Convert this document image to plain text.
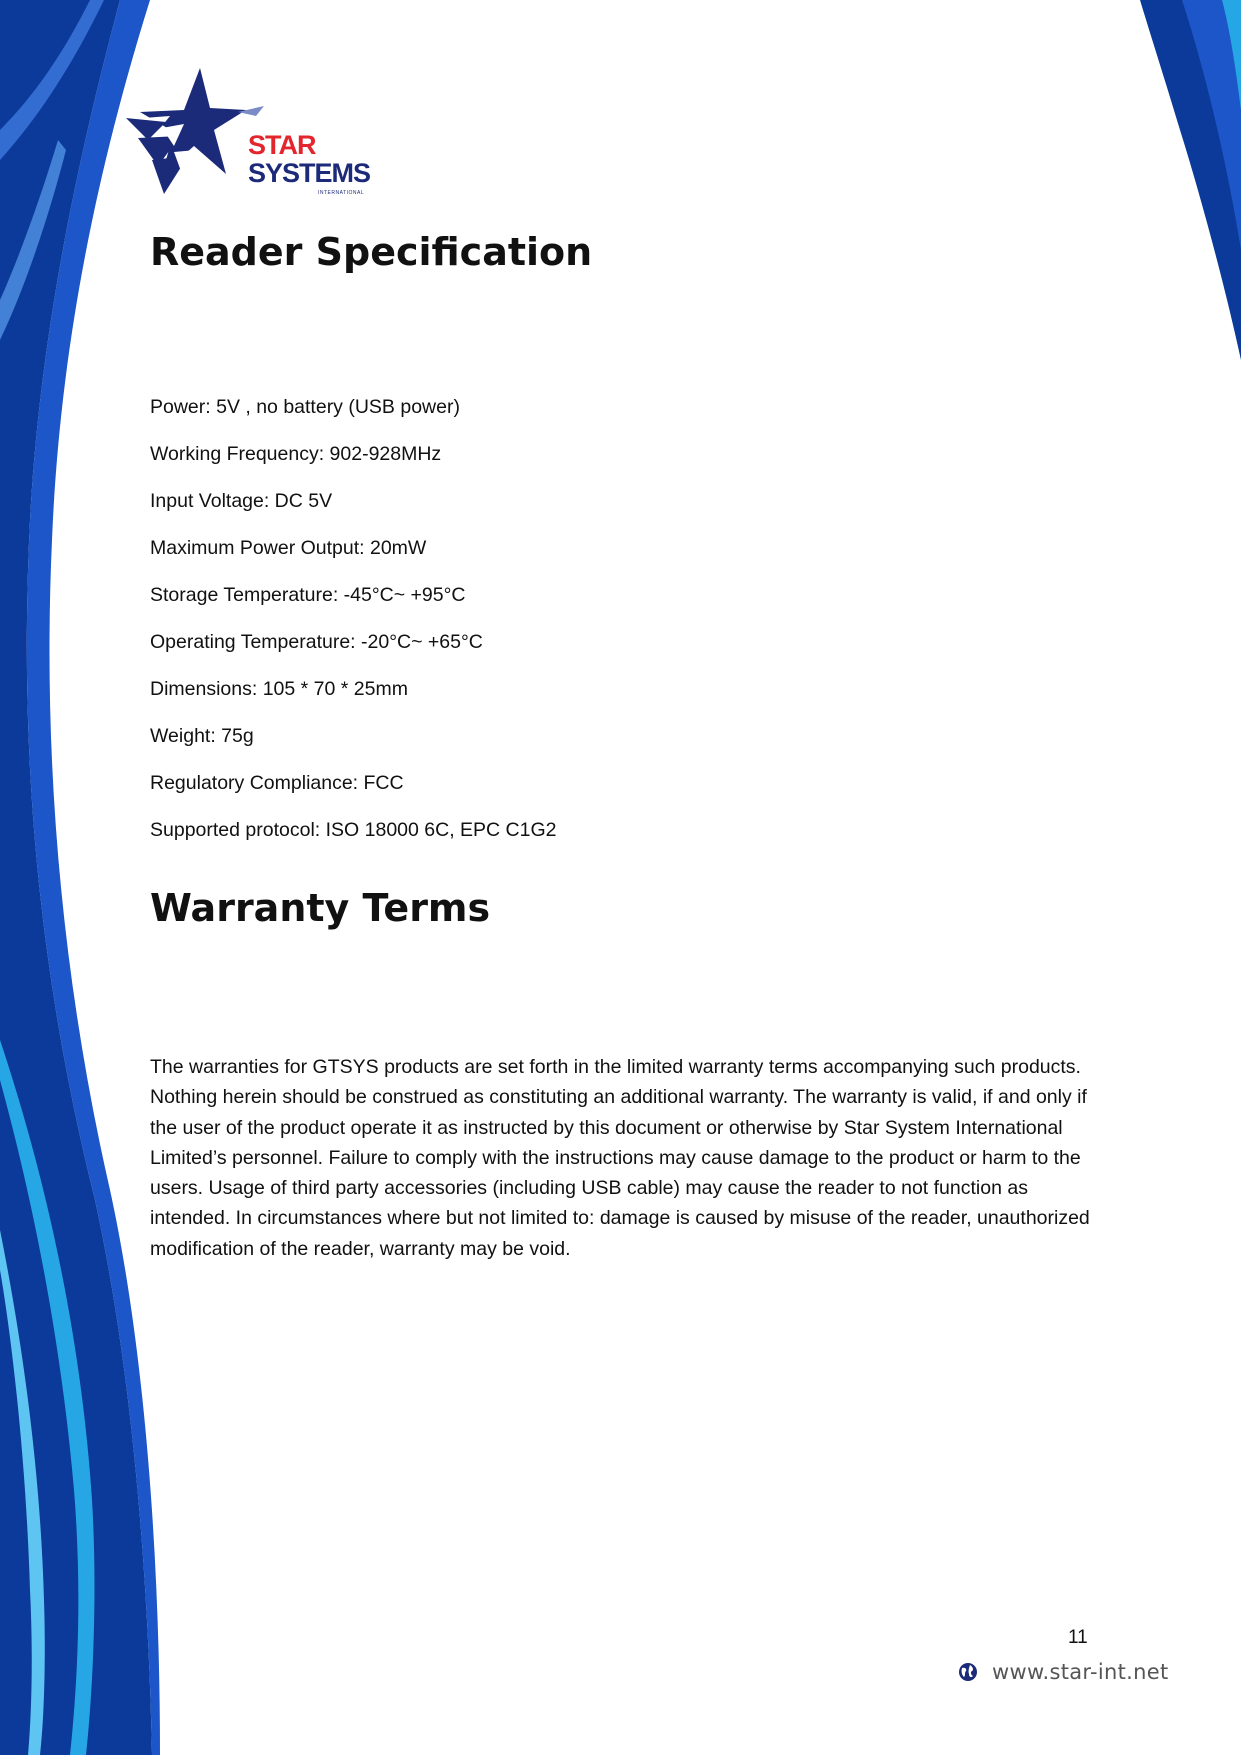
STAR
SYSTEMS
INTERNATIONAL
Reader Specification
Power: 5V , no battery (USB power)
Working Frequency: 902-928MHz
Input Voltage: DC 5V
Maximum Power Output: 20mW
Storage Temperature: -45°C~ +95°C
Operating Temperature: -20°C~ +65°C
Dimensions: 105 * 70 * 25mm
Weight: 75g
Regulatory Compliance: FCC
Supported protocol: ISO 18000 6C, EPC C1G2
Warranty Terms

The warranties for GTSYS products are set forth in the limited warranty terms accompanying such products. Nothing herein should be construed as constituting an additional warranty. The warranty is valid, if and only if the user of the product operate it as instructed by this document or otherwise by Star System International Limited’s personnel. Failure to comply with the instructions may cause damage to the product or harm to the users. Usage of third party accessories (including USB cable) may cause the reader to not function as intended. In circumstances where but not limited to: damage is caused by misuse of the reader, unauthorized modification of the reader, warranty may be void.

11
www.star-int.net
